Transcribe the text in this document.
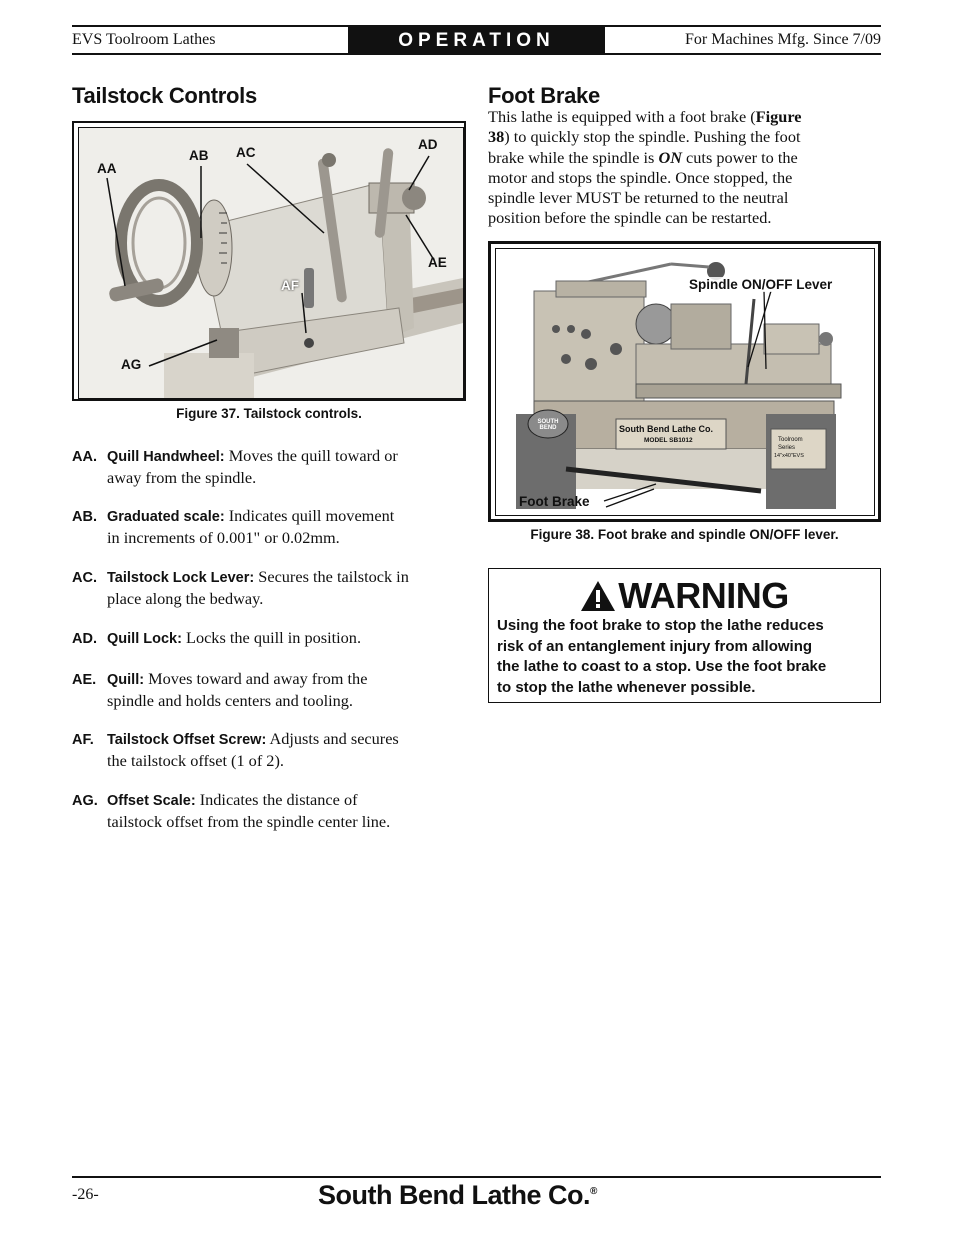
EVS Toolroom Lathes	OPERATION	For Machines Mfg. Since 7/09
Tailstock Controls
AA
AB AC
AD
AE
AF
AG
Figure 37. Tailstock controls.
AA. Quill Handwheel: Moves the quill toward or
away from the spindle.
AB. Graduated scale: Indicates quill movement
in increments of 0.001" or 0.02mm.
AC. Tailstock Lock Lever: Secures the tailstock in
place along the bedway.
AD. Quill Lock: Locks the quill in position.
AE. Quill: Moves toward and away from the
spindle and holds centers and tooling.
AF. Tailstock Offset Screw: Adjusts and secures
the tailstock offset (1 of 2).
AG. Offset Scale: Indicates the distance of
tailstock offset from the spindle center line.
Foot Brake
This lathe is equipped with a foot brake (Figure
38) to quickly stop the spindle. Pushing the foot
brake while the spindle is ON cuts power to the
motor and stops the spindle. Once stopped, the
spindle lever MUST be returned to the neutral
position before the spindle can be restarted.
SOUTH BEND	South Bend Lathe Co.
MODEL SB1012	Toolroom
Series
14"x40"EVS
Spindle ON/OFF Lever
Foot Brake
Figure 38. Foot brake and spindle ON/OFF lever.
WARNING
Using the foot brake to stop the lathe reduces
risk of an entanglement injury from allowing
the lathe to coast to a stop. Use the foot brake
to stop the lathe whenever possible.
-26-	South Bend Lathe Co.®
